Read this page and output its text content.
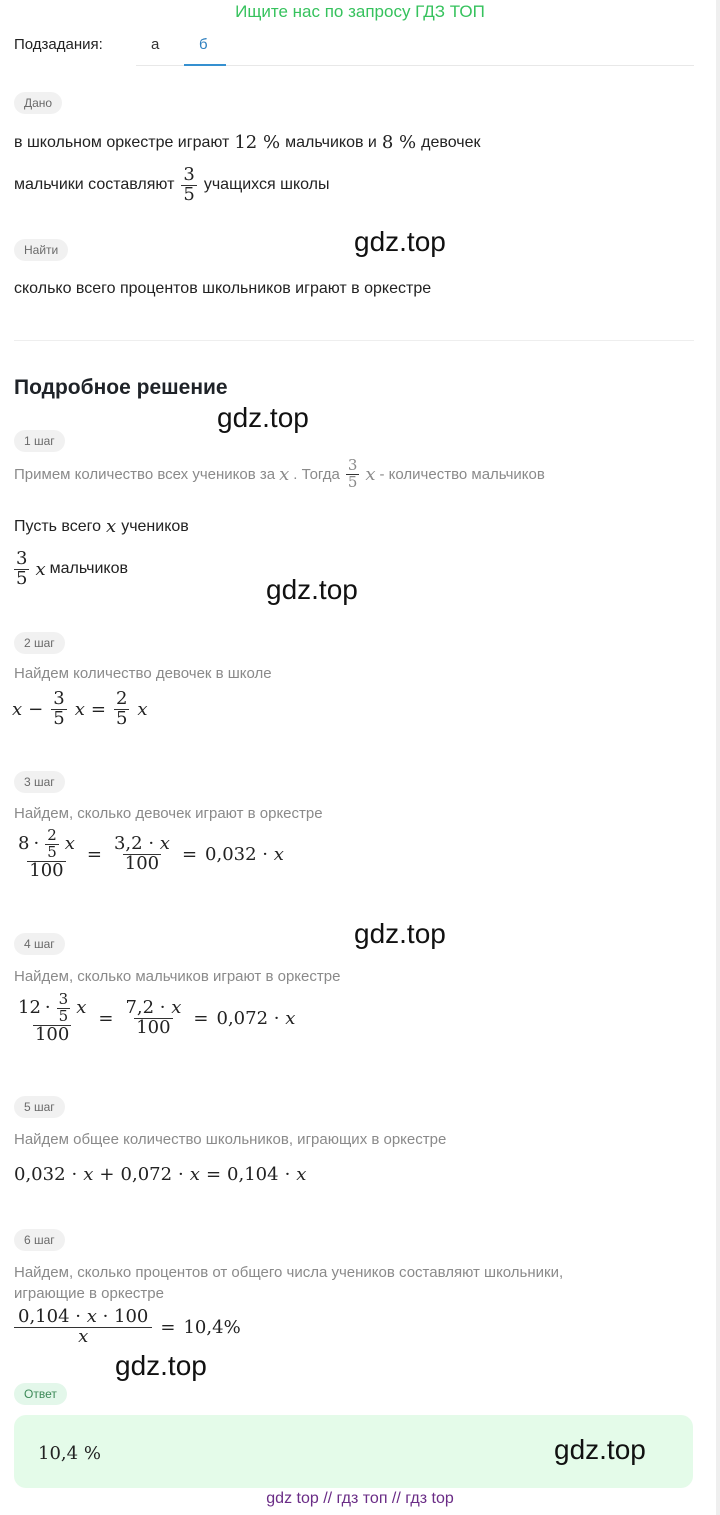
Ищите нас по запросу ГДЗ ТОП
Подзадания:	а	б
Дано
в школьном оркестре играют 12 % мальчиков и 8 % девочек
мальчики составляют $\frac{3}{5}$ учащихся школы
Найти
сколько всего процентов школьников играют в оркестре
Подробное решение
1 шаг
Примем количество всех учеников за x . Тогда $\frac{3}{5}$ x - количество мальчиков
Пусть всего x учеников
$\frac{3}{5}$ x мальчиков
2 шаг
Найдем количество девочек в школе
$x - \frac{3}{5}$ $x = \frac{2}{5}$ x
3 шаг
Найдем, сколько девочек играют в оркестре
$\frac{8 \cdot \frac{2}{5} x}{100} = \frac{3,2 \cdot x}{100} = 0,032 \cdot x$
4 шаг
Найдем, сколько мальчиков играют в оркестре
$\frac{12 \cdot \frac{3}{5} x}{100} = \frac{7,2 \cdot x}{100} = 0,072 \cdot x$
5 шаг
Найдем общее количество школьников, играющих в оркестре
0,032 · x + 0,072 · x = 0,104 · x
6 шаг
Найдем, сколько процентов от общего числа учеников составляют школьники,
играющие в оркестре
$\frac{0,104 \cdot x \cdot 100}{x} = 10,4\%$
Ответ
10,4 %
gdz.top
gdz.top
gdz.top
gdz.top
gdz.top
gdz.top
gdz top // гдз топ // гдз top
